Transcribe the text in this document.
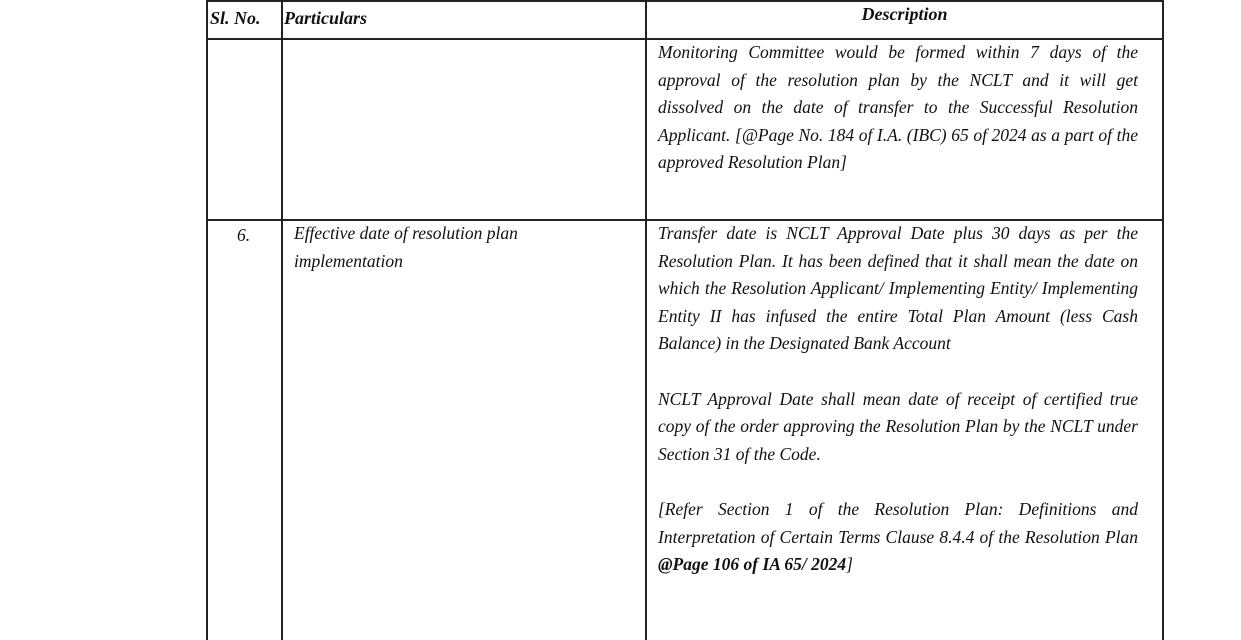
Sl. No. Particulars	Description

Monitoring Committee would be formed within 7 days of the approval of the resolution plan by the NCLT and it will get dissolved on the date of transfer to the Successful Resolution Applicant. [@Page No. 184 of I.A. (IBC) 65 of 2024 as a part of the approved Resolution Plan]

6.	Effective date of resolution plan implementation

Transfer date is NCLT Approval Date plus 30 days as per the Resolution Plan. It has been defined that it shall mean the date on which the Resolution Applicant/ Implementing Entity/ Implementing Entity II has infused the entire Total Plan Amount (less Cash Balance) in the Designated Bank Account

NCLT Approval Date shall mean date of receipt of certified true copy of the order approving the Resolution Plan by the NCLT under Section 31 of the Code.

[Refer Section 1 of the Resolution Plan: Definitions and Interpretation of Certain Terms Clause 8.4.4 of the Resolution Plan @Page 106 of IA 65/ 2024]
